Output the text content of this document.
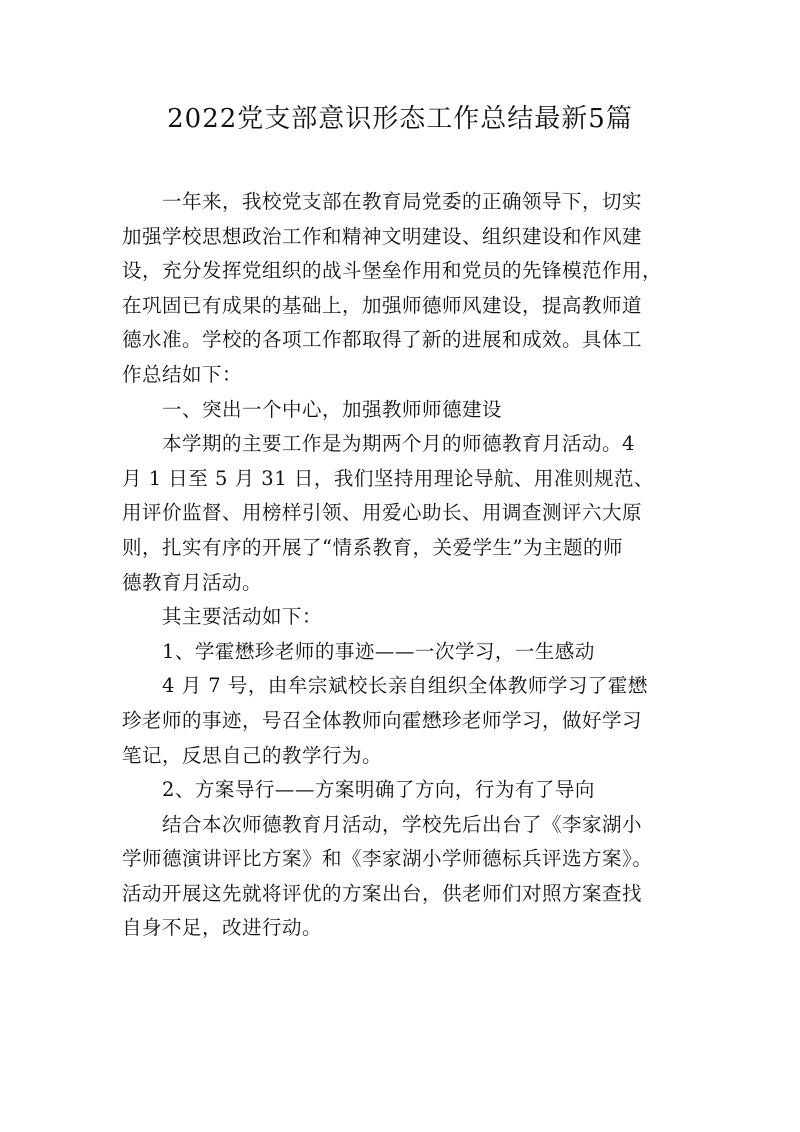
2022党支部意识形态工作总结最新5篇
一年来，我校党支部在教育局党委的正确领导下，切实
加强学校思想政治工作和精神文明建设、组织建设和作风建
设，充分发挥党组织的战斗堡垒作用和党员的先锋模范作用，
在巩固已有成果的基础上，加强师德师风建设，提高教师道
德水准。学校的各项工作都取得了新的进展和成效。具体工
作总结如下：
一、突出一个中心，加强教师师德建设
本学期的主要工作是为期两个月的师德教育月活动。4
月 1 日至 5 月 31 日，我们坚持用理论导航、用准则规范、
用评价监督、用榜样引领、用爱心助长、用调查测评六大原
则，扎实有序的开展了“情系教育，关爱学生”为主题的师
德教育月活动。
其主要活动如下：
1、学霍懋珍老师的事迹——一次学习，一生感动
4 月 7 号，由牟宗斌校长亲自组织全体教师学习了霍懋
珍老师的事迹，号召全体教师向霍懋珍老师学习，做好学习
笔记，反思自己的教学行为。
2、方案导行——方案明确了方向，行为有了导向
结合本次师德教育月活动，学校先后出台了《李家湖小
学师德演讲评比方案》和《李家湖小学师德标兵评选方案》。
活动开展这先就将评优的方案出台，供老师们对照方案查找
自身不足，改进行动。
